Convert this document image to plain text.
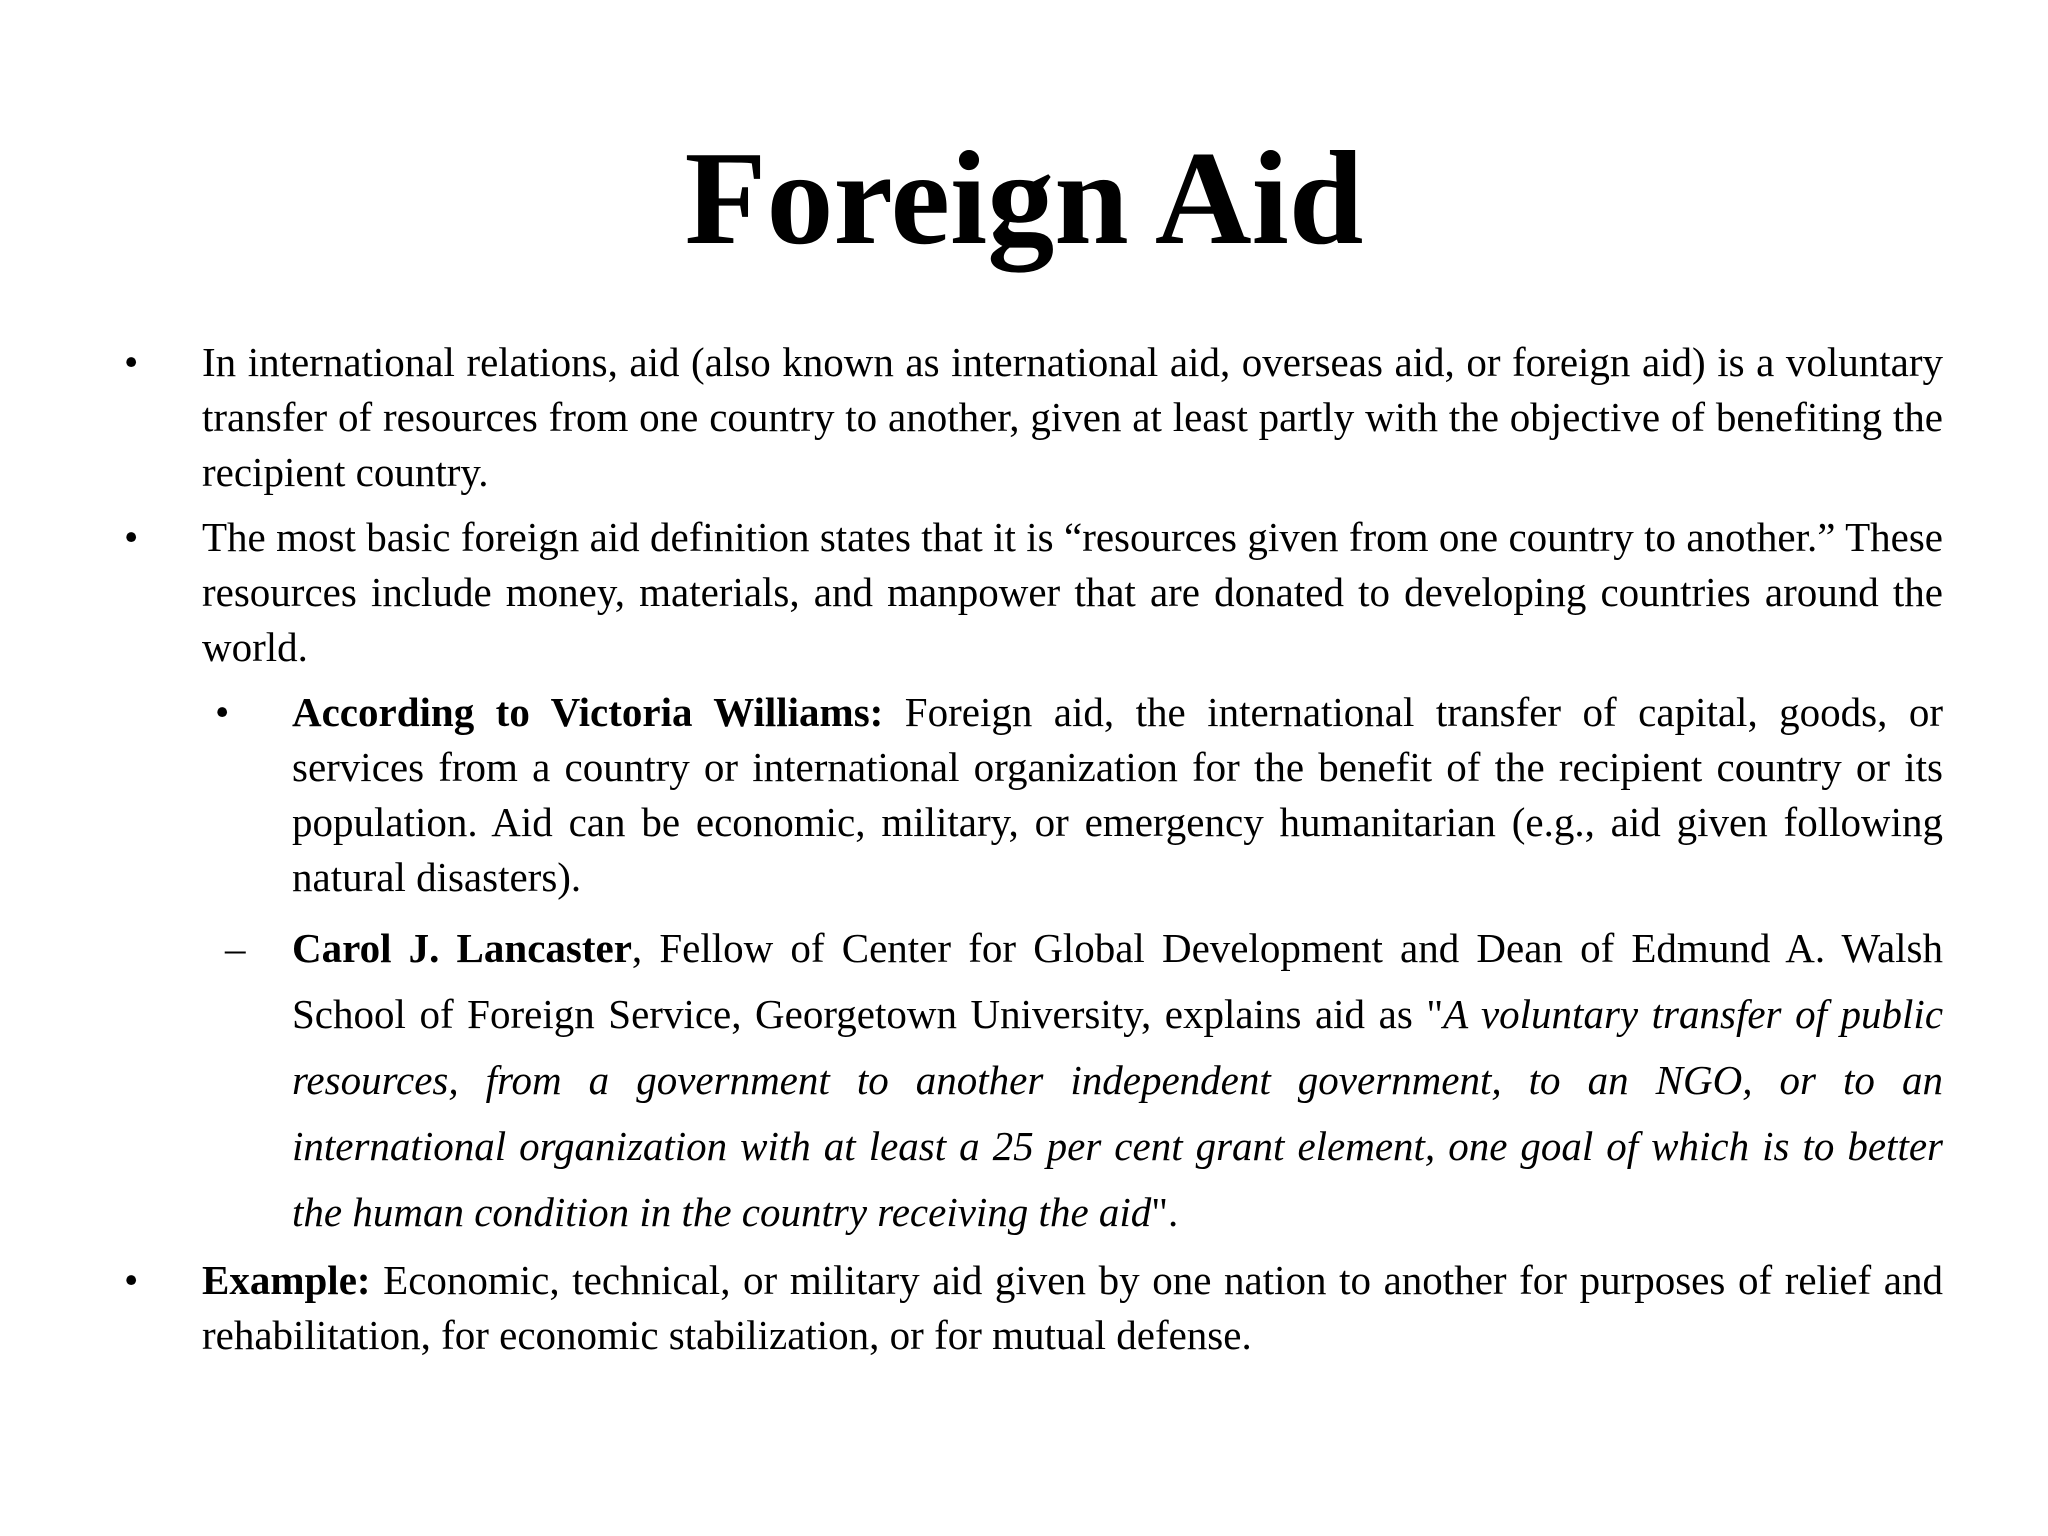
Foreign Aid
• In international relations, aid (also known as international aid, overseas aid, or foreign aid) is a voluntary transfer of resources from one country to another, given at least partly with the objective of benefiting the recipient country.
• The most basic foreign aid definition states that it is “resources given from one country to another.” These resources include money, materials, and manpower that are donated to developing countries around the world.
• According to Victoria Williams: Foreign aid, the international transfer of capital, goods, or services from a country or international organization for the benefit of the recipient country or its population. Aid can be economic, military, or emergency humanitarian (e.g., aid given following natural disasters).
– Carol J. Lancaster, Fellow of Center for Global Development and Dean of Edmund A. Walsh School of Foreign Service, Georgetown University, explains aid as "A voluntary transfer of public resources, from a government to another independent government, to an NGO, or to an international organization with at least a 25 per cent grant element, one goal of which is to better the human condition in the country receiving the aid".
• Example: Economic, technical, or military aid given by one nation to another for purposes of relief and rehabilitation, for economic stabilization, or for mutual defense.
